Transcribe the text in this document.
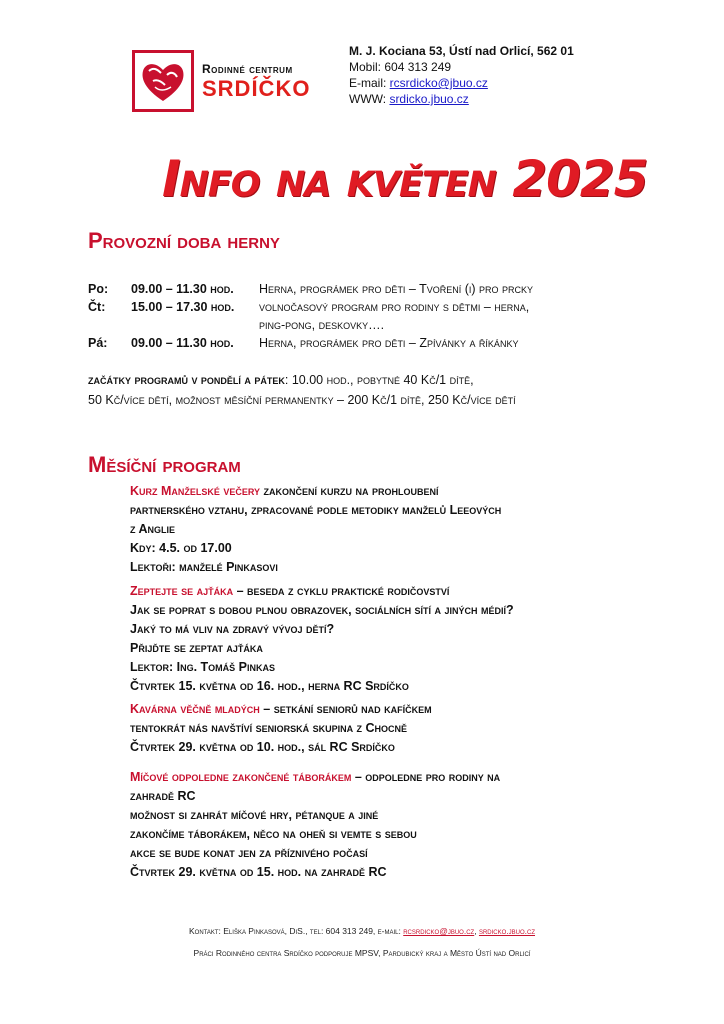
Rodinné centrum
SRDÍČKO
M. J. Kociana 53, Ústí nad Orlicí, 562 01
Mobil: 604 313 249
E-mail: rcsrdicko@jbuo.cz
WWW: srdicko.jbuo.cz
Info na květen 2025
Provozní doba herny
Po: 09.00 – 11.30 hod. Herna, prográmek pro děti – Tvoření (i) pro prcky
Čt: 15.00 – 17.30 hod. volnočasový program pro rodiny s dětmi – herna,
ping-pong, deskovky….
Pá: 09.00 – 11.30 hod. Herna, prográmek pro děti – Zpívánky a říkánky
začátky programů v pondělí a pátek: 10.00 hod., pobytné 40 Kč/1 dítě,
50 Kč/více dětí, možnost měsíční permanentky – 200 Kč/1 dítě, 250 Kč/více dětí
Měsíční program
Kurz Manželské večery zakončení kurzu na prohloubení
partnerského vztahu, zpracované podle metodiky manželů Leeových
z Anglie
Kdy: 4.5. od 17.00
Lektoři: manželé Pinkasovi
Zeptejte se ajťáka – beseda z cyklu praktické rodičovství
Jak se poprat s dobou plnou obrazovek, sociálních sítí a jiných médií?
Jaký to má vliv na zdravý vývoj dětí?
Přijďte se zeptat ajťáka
Lektor: Ing. Tomáš Pinkas
Čtvrtek 15. května od 16. hod., herna RC Srdíčko
Kavárna věčně mladých – setkání seniorů nad kafíčkem
tentokrát nás navštíví seniorská skupina z Chocně
Čtvrtek 29. května od 10. hod., sál RC Srdíčko
Míčové odpoledne zakončené táborákem – odpoledne pro rodiny na
zahradě RC
možnost si zahrát míčové hry, pétanque a jiné
zakončíme táborákem, něco na oheň si vemte s sebou
akce se bude konat jen za příznivého počasí
Čtvrtek 29. května od 15. hod. na zahradě RC
Kontakt: Eliška Pinkasová, DiS., tel: 604 313 249, e-mail: rcsrdicko@jbuo.cz, srdicko.jbuo.cz
Práci Rodinného centra Srdíčko podporuje MPSV, Pardubický kraj a Město Ústí nad Orlicí
